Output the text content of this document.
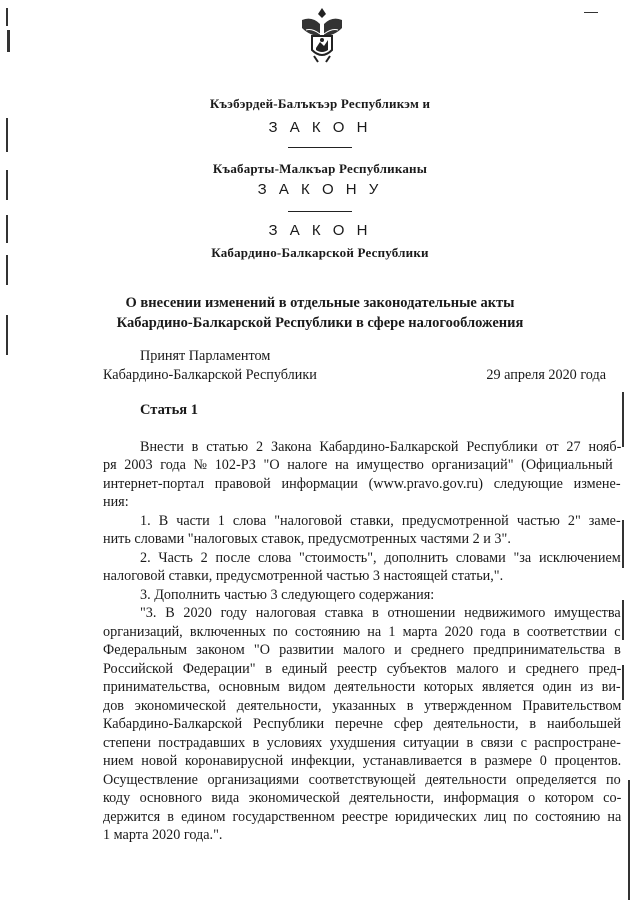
Къэбэрдей-Балъкъэр Республикэм и
З А К О Н
Къабарты-Малкъар Республиканы
З А К О Н У
З А К О Н
Кабардино-Балкарской Республики
О внесении изменений в отдельные законодательные акты
Кабардино-Балкарской Республики в сфере налогообложения
Принят Парламентом
Кабардино-Балкарской Республики	29 апреля 2020 года
Статья 1
Внести в статью 2 Закона Кабардино-Балкарской Республики от 27 нояб-
ря 2003 года № 102-РЗ "О налоге на имущество организаций" (Официальный
интернет-портал правовой информации (www.pravo.gov.ru) следующие измене-
ния:
1. В части 1 слова "налоговой ставки, предусмотренной частью 2" заме-
нить словами "налоговых ставок, предусмотренных частями 2 и 3".
2. Часть 2 после слова "стоимость", дополнить словами "за исключением
налоговой ставки, предусмотренной частью 3 настоящей статьи,".
3. Дополнить частью 3 следующего содержания:
"3. В 2020 году налоговая ставка в отношении недвижимого имущества
организаций, включенных по состоянию на 1 марта 2020 года в соответствии с
Федеральным законом "О развитии малого и среднего предпринимательства в
Российской Федерации" в единый реестр субъектов малого и среднего пред-
принимательства, основным видом деятельности которых является один из ви-
дов экономической деятельности, указанных в утвержденном Правительством
Кабардино-Балкарской Республики перечне сфер деятельности, в наибольшей
степени пострадавших в условиях ухудшения ситуации в связи с распростране-
нием новой коронавирусной инфекции, устанавливается в размере 0 процентов.
Осуществление организациями соответствующей деятельности определяется по
коду основного вида экономической деятельности, информация о котором со-
держится в едином государственном реестре юридических лиц по состоянию на
1 марта 2020 года.".
